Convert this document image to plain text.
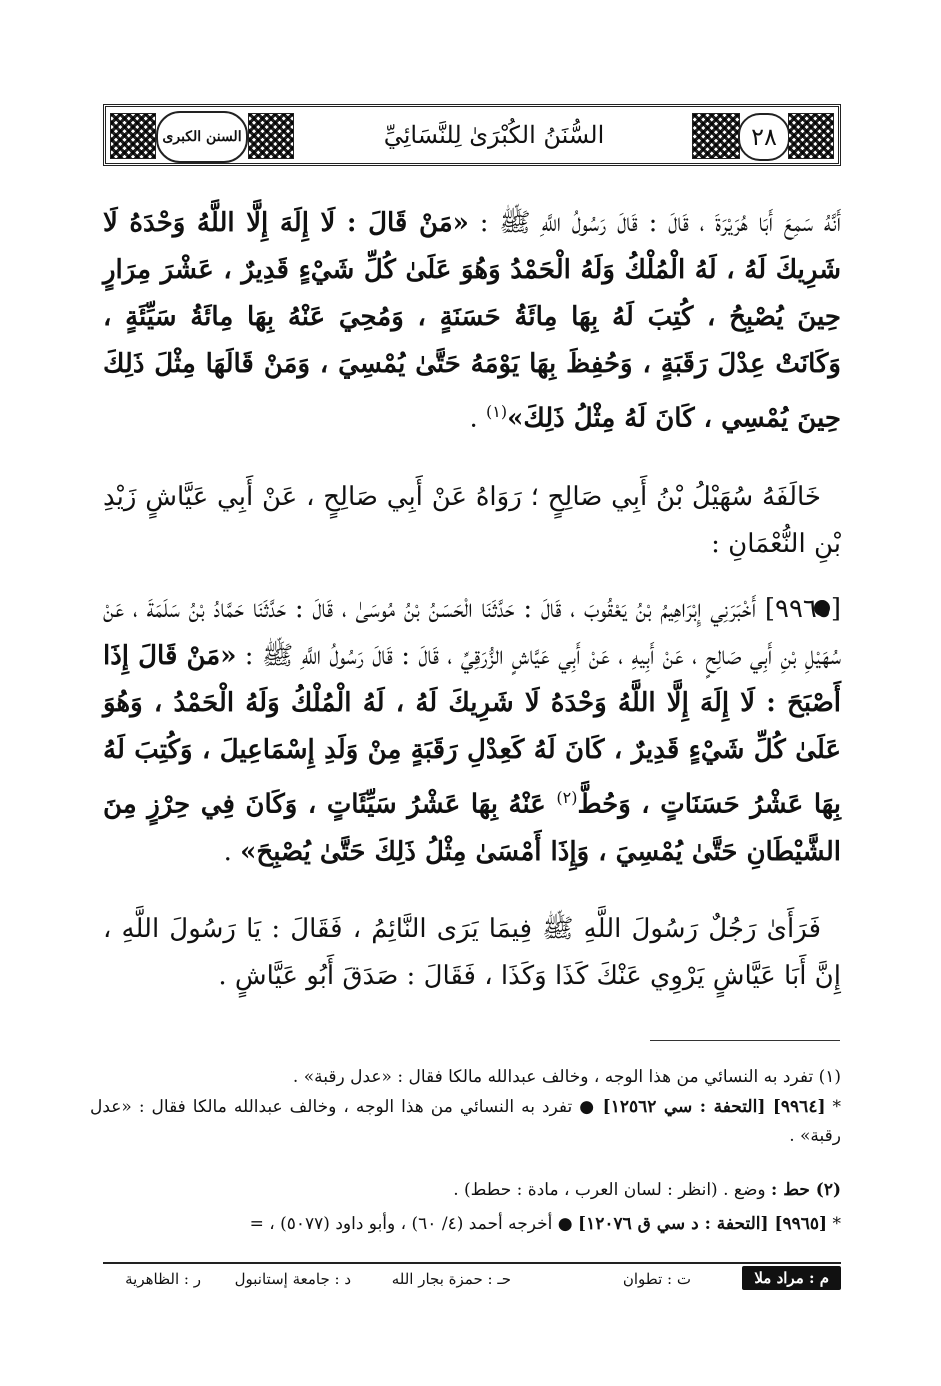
السنن الكبرى	السُّنَنُ الكُبْرَىٰ لِلنَّسَائِيِّ	٢٨

أَنَّهُ سَمِعَ أَبَا هُرَيْرَةَ ، قَالَ : قَالَ رَسُولُ اللَّهِ ﷺ : «مَنْ قَالَ : لَا إِلَهَ إِلَّا اللَّهُ وَحْدَهُ لَا شَرِيكَ لَهُ ، لَهُ الْمُلْكُ وَلَهُ الْحَمْدُ وَهُوَ عَلَىٰ كُلِّ شَيْءٍ قَدِيرٌ ، عَشْرَ مِرَارٍ حِينَ يُصْبِحُ ، كُتِبَ لَهُ بِهَا مِائَةُ حَسَنَةٍ ، وَمُحِيَ عَنْهُ بِهَا مِائَةُ سَيِّئَةٍ ، وَكَانَتْ عِدْلَ رَقَبَةٍ ، وَحُفِظَ بِهَا يَوْمَهُ حَتَّىٰ يُمْسِيَ ، وَمَنْ قَالَهَا مِثْلَ ذَلِكَ حِينَ يُمْسِي ، كَانَ لَهُ مِثْلُ ذَلِكَ»$^{(١)}$ .

خَالَفَهُ سُهَيْلُ بْنُ أَبِي صَالِحٍ ؛ رَوَاهُ عَنْ أَبِي صَالِحٍ ، عَنْ أَبِي عَيَّاشٍ زَيْدِ بْنِ النُّعْمَانِ :

[٩٩٦٥] أَخْبَرَنِي إِبْرَاهِيمُ بْنُ يَعْقُوبَ ، قَالَ : حَدَّثَنَا الْحَسَنُ بْنُ مُوسَىٰ ، قَالَ : حَدَّثَنَا حَمَّادُ بْنُ سَلَمَةَ ، عَنْ سُهَيْلِ بْنِ أَبِي صَالِحٍ ، عَنْ أَبِيهِ ، عَنْ أَبِي عَيَّاشٍ الزُّرَقِيِّ ، قَالَ : قَالَ رَسُولُ اللَّهِ ﷺ : «مَنْ قَالَ إِذَا أَصْبَحَ : لَا إِلَهَ إِلَّا اللَّهُ وَحْدَهُ لَا شَرِيكَ لَهُ ، لَهُ الْمُلْكُ وَلَهُ الْحَمْدُ ، وَهُوَ عَلَىٰ كُلِّ شَيْءٍ قَدِيرٌ ، كَانَ لَهُ كَعِدْلِ رَقَبَةٍ مِنْ وَلَدِ إِسْمَاعِيلَ ، وَكُتِبَ لَهُ بِهَا عَشْرُ حَسَنَاتٍ ، وَحُطَّ$^{(٢)}$ عَنْهُ بِهَا عَشْرُ سَيِّئَاتٍ ، وَكَانَ فِي حِرْزٍ مِنَ الشَّيْطَانِ حَتَّىٰ يُمْسِيَ ، وَإِذَا أَمْسَىٰ مِثْلُ ذَلِكَ حَتَّىٰ يُصْبِحَ» .

فَرَأَىٰ رَجُلٌ رَسُولَ اللَّهِ ﷺ فِيمَا يَرَى النَّائِمُ ، فَقَالَ : يَا رَسُولَ اللَّهِ ، إِنَّ أَبَا عَيَّاشٍ يَرْوِي عَنْكَ كَذَا وَكَذَا ، فَقَالَ : صَدَقَ أَبُو عَيَّاشٍ .

(١) تفرد به النسائي من هذا الوجه ، وخالف عبدالله مالكا فقال : «عدل رقبة» .

* [٩٩٦٤] [التحفة : سي ١٢٥٦٢] ● تفرد به النسائي من هذا الوجه ، وخالف عبدالله مالكا فقال : «عدل رقبة» .

(٢) حط : وضع . (انظر : لسان العرب ، مادة : حطط) .

* [٩٩٦٥] [التحفة : د سي ق ١٢٠٧٦] ● أخرجه أحمد (٤/ ٦٠) ، وأبو داود (٥٠٧٧) ، =

م : مراد ملا
ت : تطوان
حـ : حمزة بجار الله
د : جامعة إستانبول
ر : الظاهرية
